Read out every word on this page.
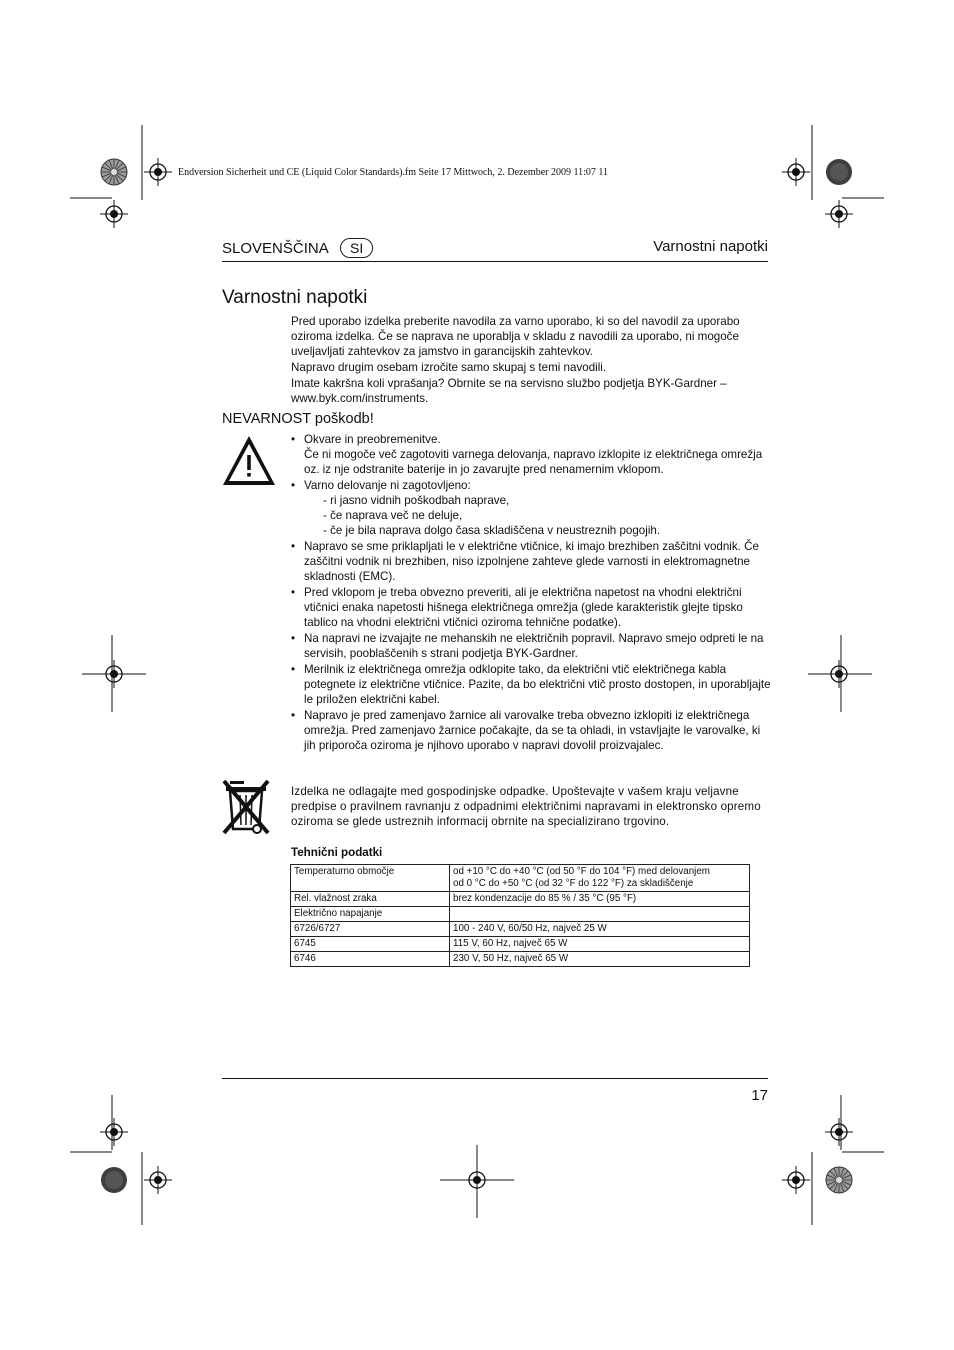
Endversion Sicherheit und CE (Liquid Color Standards).fm Seite 17 Mittwoch, 2. Dezember 2009 11:07 11
SLOVENŠČINA SI	Varnostni napotki
Varnostni napotki

Pred uporabo izdelka preberite navodila za varno uporabo, ki so del navodil za uporabo oziroma izdelka. Če se naprava ne uporablja v skladu z navodili za uporabo, ni mogoče uveljavljati zahtevkov za jamstvo in garancijskih zahtevkov.

Napravo drugim osebam izročite samo skupaj s temi navodili.

Imate kakršna koli vprašanja? Obrnite se na servisno službo podjetja BYK-Gardner – www.byk.com/instruments.

NEVARNOST poškodb!
• Okvare in preobremenitve.
Če ni mogoče več zagotoviti varnega delovanja, napravo izklopite iz električnega omrežja oz. iz nje odstranite baterije in jo zavarujte pred nenamernim vklopom.
• Varno delovanje ni zagotovljeno:
- ri jasno vidnih poškodbah naprave,
- če naprava več ne deluje,
- če je bila naprava dolgo časa skladiščena v neustreznih pogojih.
• Napravo se sme priklapljati le v električne vtičnice, ki imajo brezhiben zaščitni vodnik. Če zaščitni vodnik ni brezhiben, niso izpolnjene zahteve glede varnosti in elektromagnetne skladnosti (EMC).
• Pred vklopom je treba obvezno preveriti, ali je električna napetost na vhodni električni vtičnici enaka napetosti hišnega električnega omrežja (glede karakteristik glejte tipsko tablico na vhodni električni vtičnici oziroma tehnične podatke).
• Na napravi ne izvajajte ne mehanskih ne električnih popravil. Napravo smejo odpreti le na servisih, pooblaščenih s strani podjetja BYK-Gardner.
• Merilnik iz električnega omrežja odklopite tako, da električni vtič električnega kabla potegnete iz električne vtičnice. Pazite, da bo električni vtič prosto dostopen, in uporabljajte le priložen električni kabel.
• Napravo je pred zamenjavo žarnice ali varovalke treba obvezno izklopiti iz električnega omrežja. Pred zamenjavo žarnice počakajte, da se ta ohladi, in vstavljajte le varovalke, ki jih priporoča oziroma je njihovo uporabo v napravi dovolil proizvajalec.
Izdelka ne odlagajte med gospodinjske odpadke. Upoštevajte v vašem kraju veljavne predpise o pravilnem ravnanju z odpadnimi električnimi napravami in elektronsko opremo oziroma se glede ustreznih informacij obrnite na specializirano trgovino.
Tehnični podatki
Temperaturno območje	od +10 °C do +40 °C (od 50 °F do 104 °F) med delovanjem
od 0 °C do +50 °C (od 32 °F do 122 °F) za skladiščenje

Rel. vlažnost zraka	brez kondenzacije do 85 % / 35 °C (95 °F)
Električno napajanje	
6726/6727	100 - 240 V, 60/50 Hz, največ 25 W
6745	115 V, 60 Hz, največ 65 W
6746	230 V, 50 Hz, največ 65 W
17
